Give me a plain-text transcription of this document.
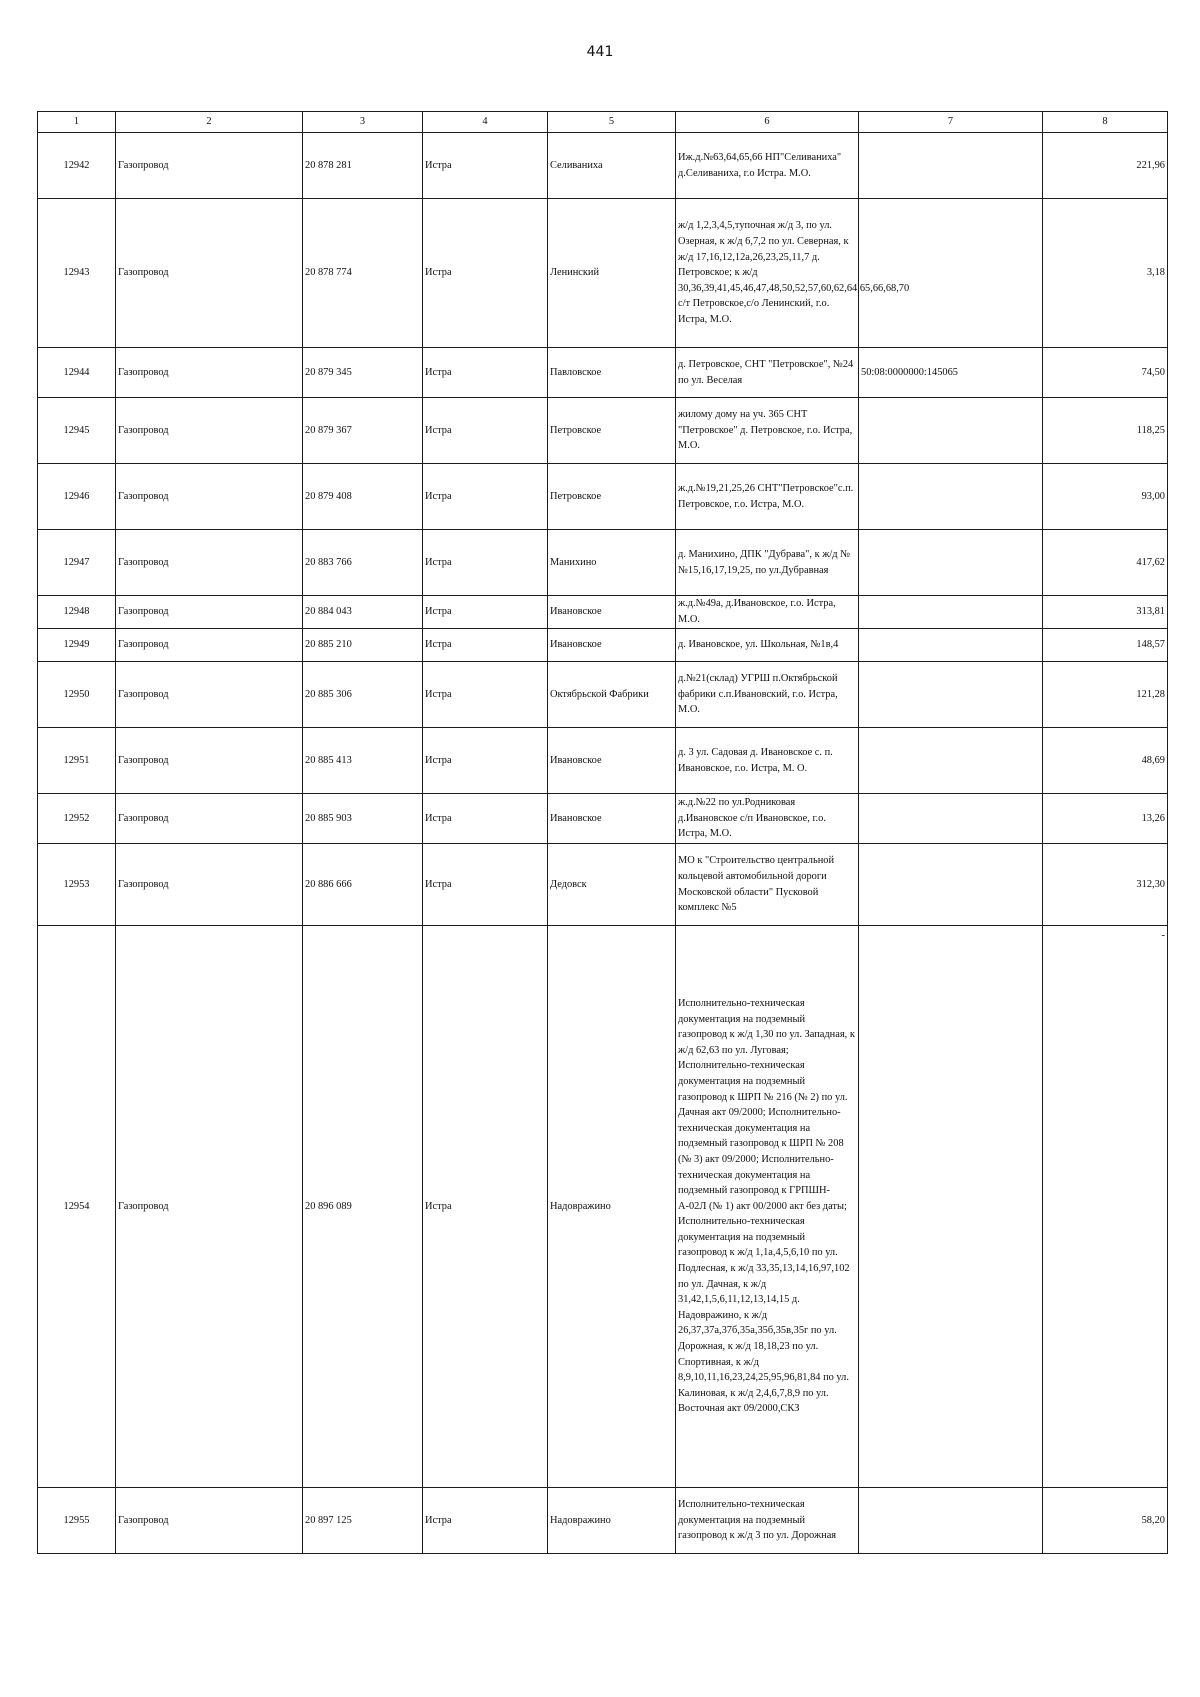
441
1	2	3	4	5	6	7	8
12942	Газопровод	20 878 281	Истра	Селиваниха	Иж.д.№63,64,65,66 НП"Селиваниха" д.Селиваниха, г.о Истра. М.О.		221,96
12943	Газопровод	20 878 774	Истра	Ленинский	ж/д 1,2,3,4,5,тупочная ж/д 3, по ул. Озерная, к ж/д 6,7,2 по ул. Северная, к ж/д 17,16,12,12а,26,23,25,11,7 д. Петровское; к ж/д 30,36,39,41,45,46,47,48,50,52,57,60,62,64,65,66,68,70 с/т Петровское,с/о Ленинский, г.о. Истра, М.О.		3,18
12944	Газопровод	20 879 345	Истра	Павловское	д. Петровское, СНТ "Петровское", №24 по ул. Веселая	50:08:0000000:145065	74,50
12945	Газопровод	20 879 367	Истра	Петровское	жилому дому на уч. 365 СНТ "Петровское" д. Петровское, г.о. Истра, М.О.		118,25
12946	Газопровод	20 879 408	Истра	Петровское	ж.д.№19,21,25,26 СНТ"Петровское"с.п. Петровское, г.о. Истра, М.О.		93,00
12947	Газопровод	20 883 766	Истра	Манихино	д. Манихино, ДПК "Дубрава", к ж/д №№15,16,17,19,25, по ул.Дубравная		417,62
12948	Газопровод	20 884 043	Истра	Ивановское	ж.д.№49а, д.Ивановское, г.о. Истра, М.О.		313,81
12949	Газопровод	20 885 210	Истра	Ивановское	д. Ивановское, ул. Школьная, №1в,4		148,57
12950	Газопровод	20 885 306	Истра	Октябрьской Фабрики	д.№21(склад) УГРШ п.Октябрьской фабрики с.п.Ивановский, г.о. Истра, М.О.		121,28
12951	Газопровод	20 885 413	Истра	Ивановское	д. 3 ул. Садовая д. Ивановское с. п. Ивановское, г.о. Истра, М. О.		48,69
12952	Газопровод	20 885 903	Истра	Ивановское	ж.д.№22 по ул.Родниковая д.Ивановское с/п Ивановское, г.о. Истра, М.О.		13,26
12953	Газопровод	20 886 666	Истра	Дедовск	МО к "Строительство центральной кольцевой автомобильной дороги Московской области" Пусковой комплекс №5		312,30
12954	Газопровод	20 896 089	Истра	Надовражино	Исполнительно-техническая документация на подземный газопровод к ж/д 1,30 по ул. Западная, к ж/д 62,63 по ул. Луговая; Исполнительно-техническая документация на подземный газопровод к ШРП № 216 (№ 2) по ул. Дачная акт 09/2000; Исполнительно-техническая документация на подземный газопровод к ШРП № 208 (№ 3) акт 09/2000; Исполнительно-техническая документация на подземный газопровод к ГРПШН-А-02Л (№ 1) акт 00/2000 акт без даты; Исполнительно-техническая документация на подземный газопровод к ж/д 1,1а,4,5,6,10 по ул. Подлесная, к ж/д 33,35,13,14,16,97,102 по ул. Дачная, к ж/д 31,42,1,5,6,11,12,13,14,15 д. Надовражино, к ж/д 26,37,37а,37б,35а,35б,35в,35г по ул. Дорожная, к ж/д 18,18,23 по ул. Спортивная, к ж/д 8,9,10,11,16,23,24,25,95,96,81,84 по ул. Калиновая, к ж/д 2,4,6,7,8,9 по ул. Восточная акт 09/2000,СКЗ		-
12955	Газопровод	20 897 125	Истра	Надовражино	Исполнительно-техническая документация на подземный газопровод к ж/д 3 по ул. Дорожная		58,20
